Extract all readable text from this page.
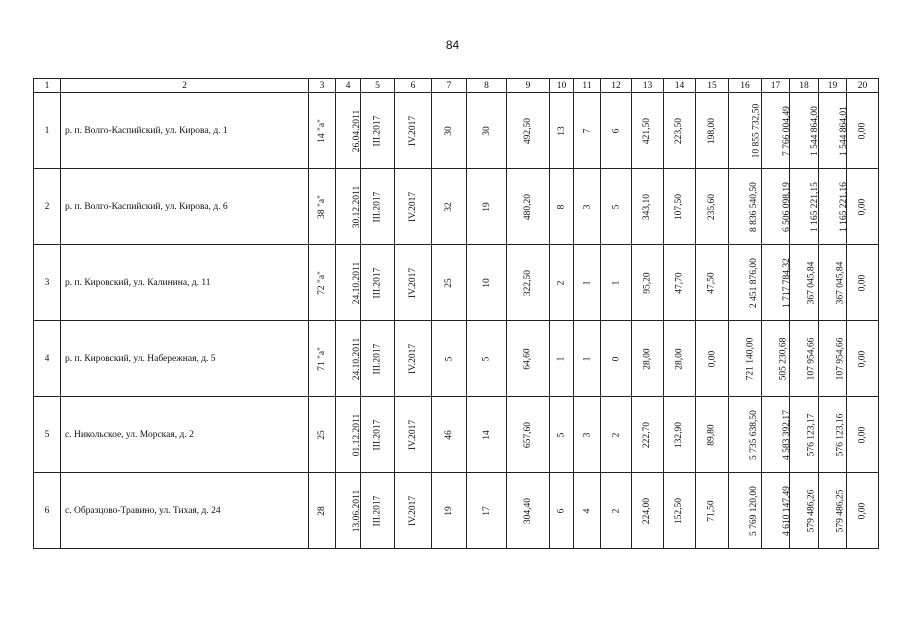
84
1	2	3	4	5	6	7	8	9	10	11	12	13	14	15	16	17	18	19	20
1	р. п. Волго-Каспийский, ул. Кирова, д. 1	14 "а"	26.04.2011	III.2017	IV.2017	30	30	492,50	13	7	6	421,50	223,50	198,00	10 855 732,50	7 766 004,49	1 544 864,00	1 544 864,01	0,00
2	р. п. Волго-Каспийский, ул. Кирова, д. 6	38 "а"	30.12.2011	III.2017	IV.2017	32	19	480,20	8	3	5	343,10	107,50	235,60	8 836 540,50	6 506 098,19	1 165 221,15	1 165 221,16	0,00
3	р. п. Кировский, ул. Калинина, д. 11	72 "а"	24.10.2011	III.2017	IV.2017	25	10	322,50	2	1	1	95,20	47,70	47,50	2 451 876,00	1 717 784,32	367 045,84	367 045,84	0,00
4	р. п. Кировский, ул. Набережная, д. 5	71 "а"	24.10.2011	III.2017	IV.2017	5	5	64,60	1	1	0	28,00	28,00	0,00	721 140,00	505 230,68	107 954,66	107 954,66	0,00
5	с. Никольское, ул. Морская, д. 2	25	01.12.2011	III.2017	IV.2017	46	14	657,60	5	3	2	222,70	132,90	89,80	5 735 638,50	4 583 392,17	576 123,17	576 123,16	0,00
6	с. Образцово-Травино, ул. Тихая, д. 24	28	13.06.2011	III.2017	IV.2017	19	17	304,40	6	4	2	224,00	152,50	71,50	5 769 120,00	4 610 147,49	579 486,26	579 486,25	0,00
